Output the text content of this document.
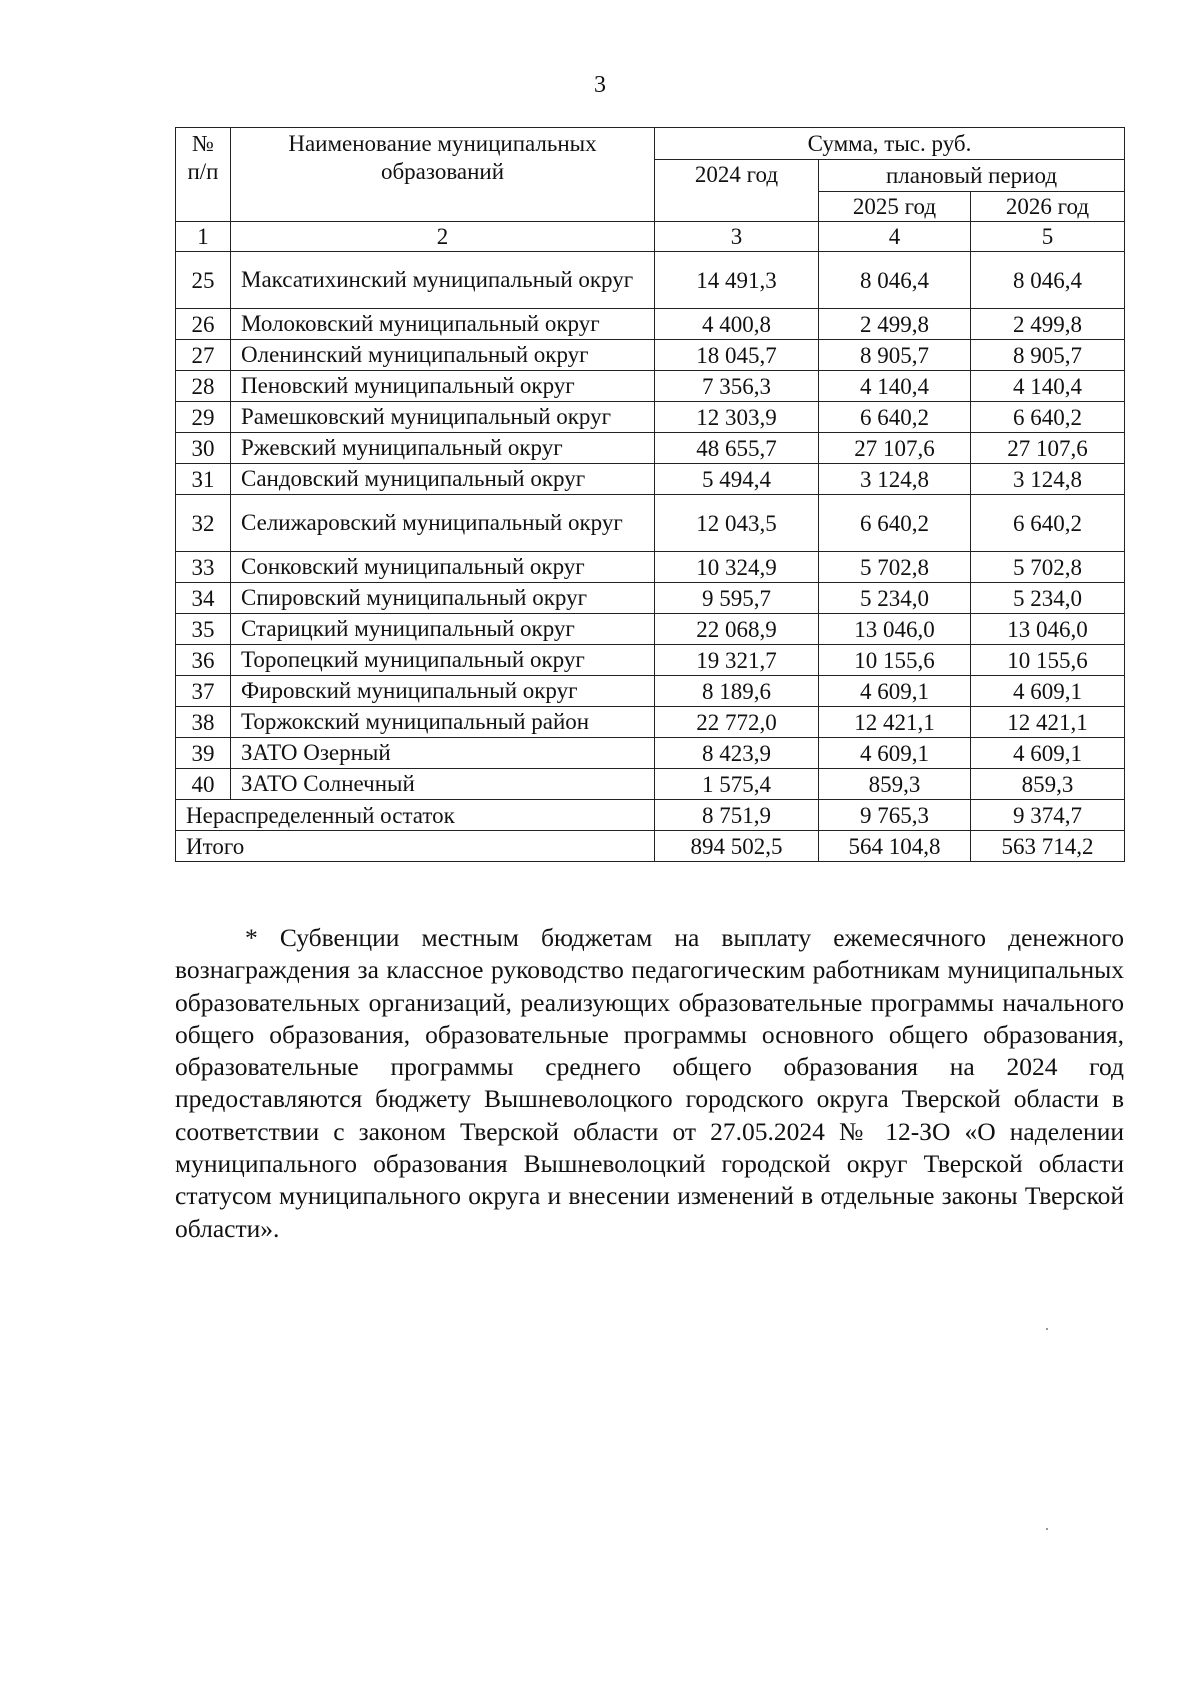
3
№ п/п	Наименование муниципальных образований	Сумма, тыс. руб.		
		2024 год	плановый период	
			2025 год	2026 год
1	2	3	4	5
25	Максатихинский муниципальный округ	14 491,3	8 046,4	8 046,4
26	Молоковский муниципальный округ	4 400,8	2 499,8	2 499,8
27	Оленинский муниципальный округ	18 045,7	8 905,7	8 905,7
28	Пеновский муниципальный округ	7 356,3	4 140,4	4 140,4
29	Рамешковский муниципальный округ	12 303,9	6 640,2	6 640,2
30	Ржевский муниципальный округ	48 655,7	27 107,6	27 107,6
31	Сандовский муниципальный округ	5 494,4	3 124,8	3 124,8
32	Селижаровский муниципальный округ	12 043,5	6 640,2	6 640,2
33	Сонковский муниципальный округ	10 324,9	5 702,8	5 702,8
34	Спировский муниципальный округ	9 595,7	5 234,0	5 234,0
35	Старицкий муниципальный округ	22 068,9	13 046,0	13 046,0
36	Торопецкий муниципальный округ	19 321,7	10 155,6	10 155,6
37	Фировский муниципальный округ	8 189,6	4 609,1	4 609,1
38	Торжокский муниципальный район	22 772,0	12 421,1	12 421,1
39	ЗАТО Озерный	8 423,9	4 609,1	4 609,1
40	ЗАТО Солнечный	1 575,4	859,3	859,3
Нераспределенный остаток		8 751,9	9 765,3	9 374,7
Итого		894 502,5	564 104,8	563 714,2

* Субвенции местным бюджетам на выплату ежемесячного денежного вознаграждения за классное руководство педагогическим работникам муниципальных образовательных организаций, реализующих образовательные программы начального общего образования, образовательные программы основного общего образования, образовательные программы среднего общего образования на 2024 год предоставляются бюджету Вышневолоцкого городского округа Тверской области в соответствии с законом Тверской области от 27.05.2024 № 12-ЗО «О наделении муниципального образования Вышневолоцкий городской округ Тверской области статусом муниципального округа и внесении изменений в отдельные законы Тверской области».
